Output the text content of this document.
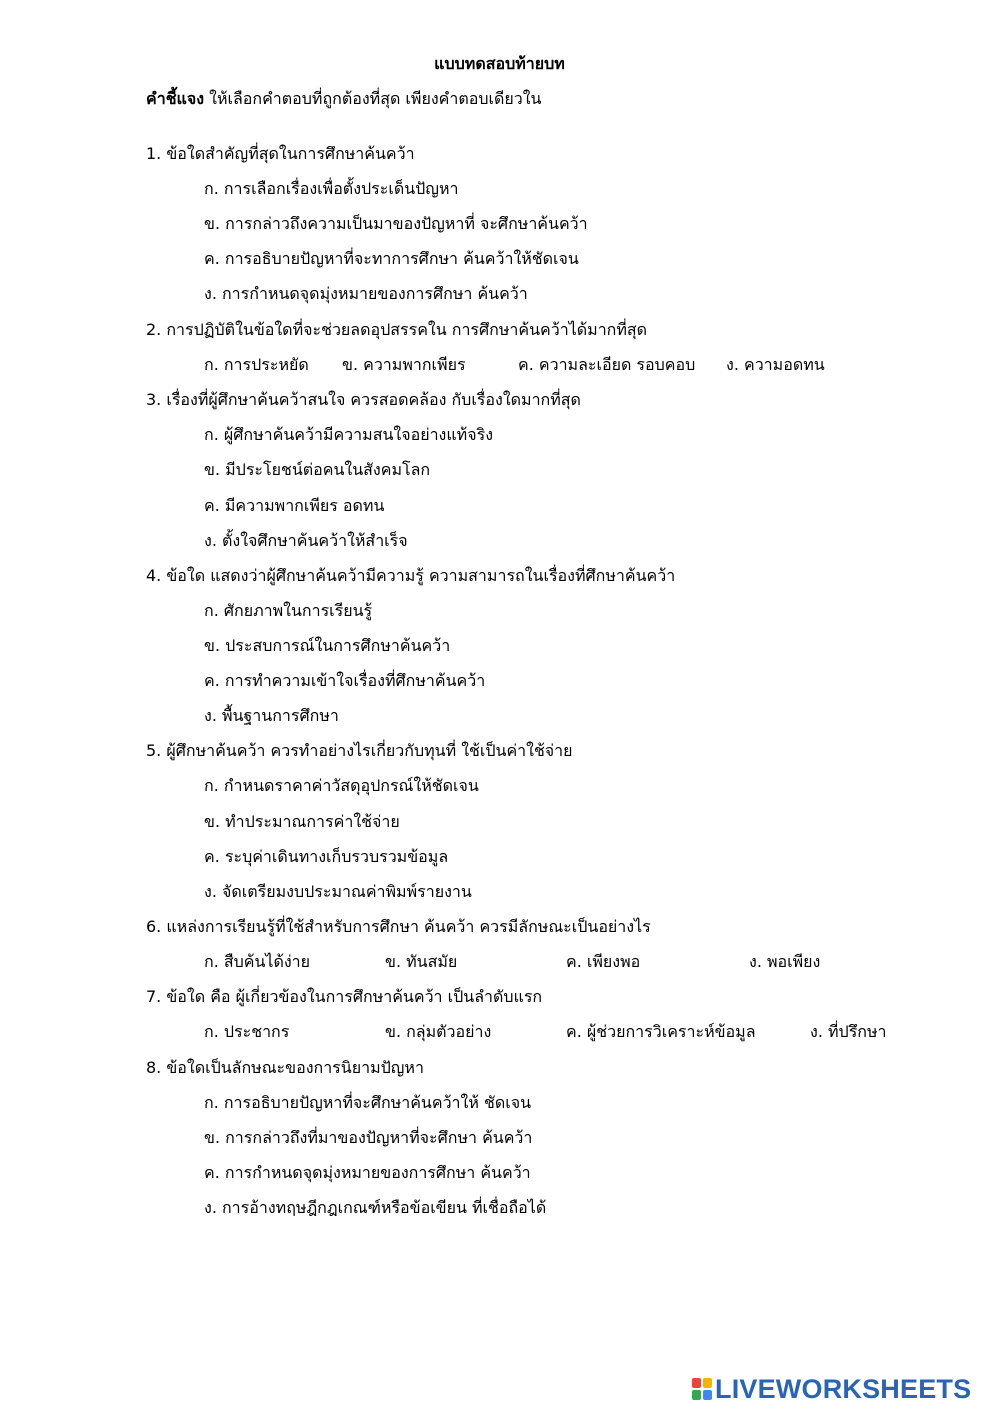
แบบทดสอบท้ายบท
คำชี้แจง ให้เลือกคำตอบที่ถูกต้องที่สุด เพียงคำตอบเดียวใน
1. ข้อใดสำคัญที่สุดในการศึกษาค้นคว้า
ก. การเลือกเรื่องเพื่อตั้งประเด็นปัญหา
ข. การกล่าวถึงความเป็นมาของปัญหาที่ จะศึกษาค้นคว้า
ค. การอธิบายปัญหาที่จะทาการศึกษา ค้นคว้าให้ชัดเจน
ง. การกำหนดจุดมุ่งหมายของการศึกษา ค้นคว้า
2. การปฏิบัติในข้อใดที่จะช่วยลดอุปสรรคใน การศึกษาค้นคว้าได้มากที่สุด
ก. การประหยัด ข. ความพากเพียร	ค. ความละเอียด รอบคอบ ง. ความอดทน
3. เรื่องที่ผู้ศึกษาค้นคว้าสนใจ ควรสอดคล้อง กับเรื่องใดมากที่สุด
ก. ผู้ศึกษาค้นคว้ามีความสนใจอย่างแท้จริง
ข. มีประโยชน์ต่อคนในสังคมโลก
ค. มีความพากเพียร อดทน
ง. ตั้งใจศึกษาค้นคว้าให้สำเร็จ
4. ข้อใด แสดงว่าผู้ศึกษาค้นคว้ามีความรู้ ความสามารถในเรื่องที่ศึกษาค้นคว้า
ก. ศักยภาพในการเรียนรู้
ข. ประสบการณ์ในการศึกษาค้นคว้า
ค. การทำความเข้าใจเรื่องที่ศึกษาค้นคว้า
ง. พื้นฐานการศึกษา
5. ผู้ศึกษาค้นคว้า ควรทำอย่างไรเกี่ยวกับทุนที่ ใช้เป็นค่าใช้จ่าย
ก. กำหนดราคาค่าวัสดุอุปกรณ์ให้ชัดเจน
ข. ทำประมาณการค่าใช้จ่าย
ค. ระบุค่าเดินทางเก็บรวบรวมข้อมูล
ง. จัดเตรียมงบประมาณค่าพิมพ์รายงาน
6. แหล่งการเรียนรู้ที่ใช้สำหรับการศึกษา ค้นคว้า ควรมีลักษณะเป็นอย่างไร
ก. สืบค้นได้ง่าย	ข. ทันสมัย	ค. เพียงพอ	ง. พอเพียง
7. ข้อใด คือ ผู้เกี่ยวข้องในการศึกษาค้นคว้า เป็นลำดับแรก
ก. ประชากร	ข. กลุ่มตัวอย่าง	ค. ผู้ช่วยการวิเคราะห์ข้อมูล	ง. ที่ปรึกษา
8. ข้อใดเป็นลักษณะของการนิยามปัญหา
ก. การอธิบายปัญหาที่จะศึกษาค้นคว้าให้ ชัดเจน
ข. การกล่าวถึงที่มาของปัญหาที่จะศึกษา ค้นคว้า
ค. การกำหนดจุดมุ่งหมายของการศึกษา ค้นคว้า
ง. การอ้างทฤษฎีกฎเกณฑ์หรือข้อเขียน ที่เชื่อถือได้
LIVEWORKSHEETS
